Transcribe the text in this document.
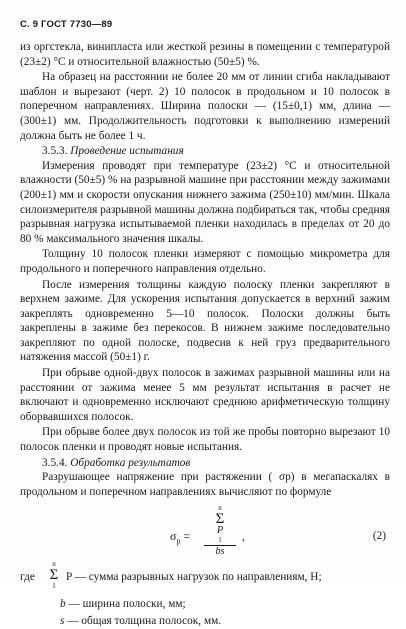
С. 9 ГОСТ 7730—89

из оргстекла, винипласта или жесткой резины в помещении с температурой (23±2) °С и относительной влажностью (50±5) %.

На образец на расстоянии не более 20 мм от линии сгиба накладывают шаблон и вырезают (черт. 2) 10 полосок в продольном и 10 полосок в поперечном направлениях. Ширина полоски — (15±0,1) мм, длина — (300±1) мм. Продолжительность подготовки к выполнению измерений должна быть не более 1 ч.

3.5.3. Проведение испытания

Измерения проводят при температуре (23±2) °С и относительной влажности (50±5) % на разрывной машине при расстоянии между зажимами (200±1) мм и скорости опускания нижнего зажима (250±10) мм/мин. Шкала силоизмерителя разрывной машины должна подбираться так, чтобы средняя разрывная нагрузка испытываемой пленки находилась в пределах от 20 до 80 % максимального значения шкалы.

Толщину 10 полосок пленки измеряют с помощью микрометра для продольного и поперечного направления отдельно.

После измерения толщины каждую полоску пленки закрепляют в верхнем зажиме. Для ускорения испытания допускается в верхний зажим закреплять одновременно 5—10 полосок. Полоски должны быть закреплены в зажиме без перекосов. В нижнем зажиме последовательно закрепляют по одной полоске, подвесив к ней груз предварительного натяжения массой (50±1) г.

При обрыве одной-двух полосок в зажимах разрывной машины или на расстоянии от зажима менее 5 мм результат испытания в расчет не включают и одновременно исключают среднюю арифметическую толщину оборвавшихся полосок.

При обрыве более двух полосок из той же пробы повторно вырезают 10 полосок пленки и проводят новые испытания.

3.5.4. Обработка результатов

Разрушающее напряжение при растяжении ( σр) в мегапаскалях в продольном и поперечном направлениях вычисляют по формуле

$\sigma_р$ =
n
Σ
P
1
bs
,	(2)
где
n
Σ
1
P — сумма разрывных нагрузок по направлениям, Н;

b — ширина полоски, мм;

s — общая толщина полосок, мм.
